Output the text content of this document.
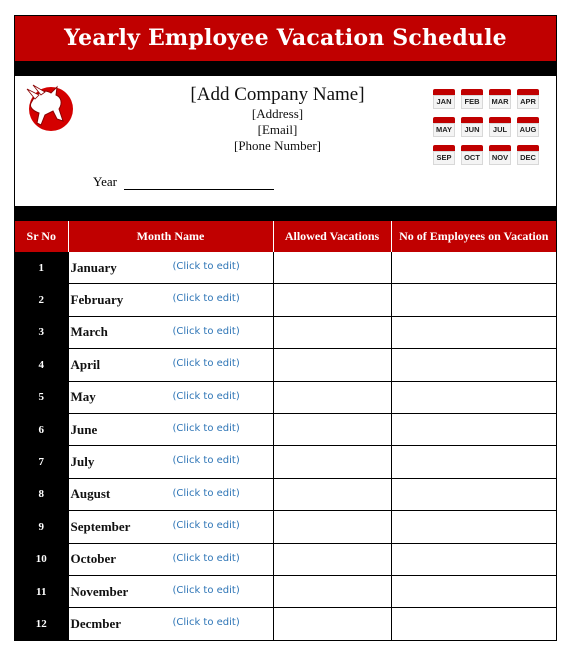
Yearly Employee Vacation Schedule
[Add Company Name]
[Address]
[Email]
[Phone Number]
Year
JAN	FEB	MAR	APR
MAY	JUN	JUL	AUG
SEP	OCT	NOV	DEC
Sr No	Month Name	Allowed Vacations	No of Employees on Vacation
1	January (Click to edit)		

2	February (Click to edit)		

3	March (Click to edit)		

4	April (Click to edit)		

5	May (Click to edit)		

6	June (Click to edit)		

7	July (Click to edit)		

8	August (Click to edit)		

9	September (Click to edit)		

10	October (Click to edit)		

11	November (Click to edit)		

12	Decmber (Click to edit)		
